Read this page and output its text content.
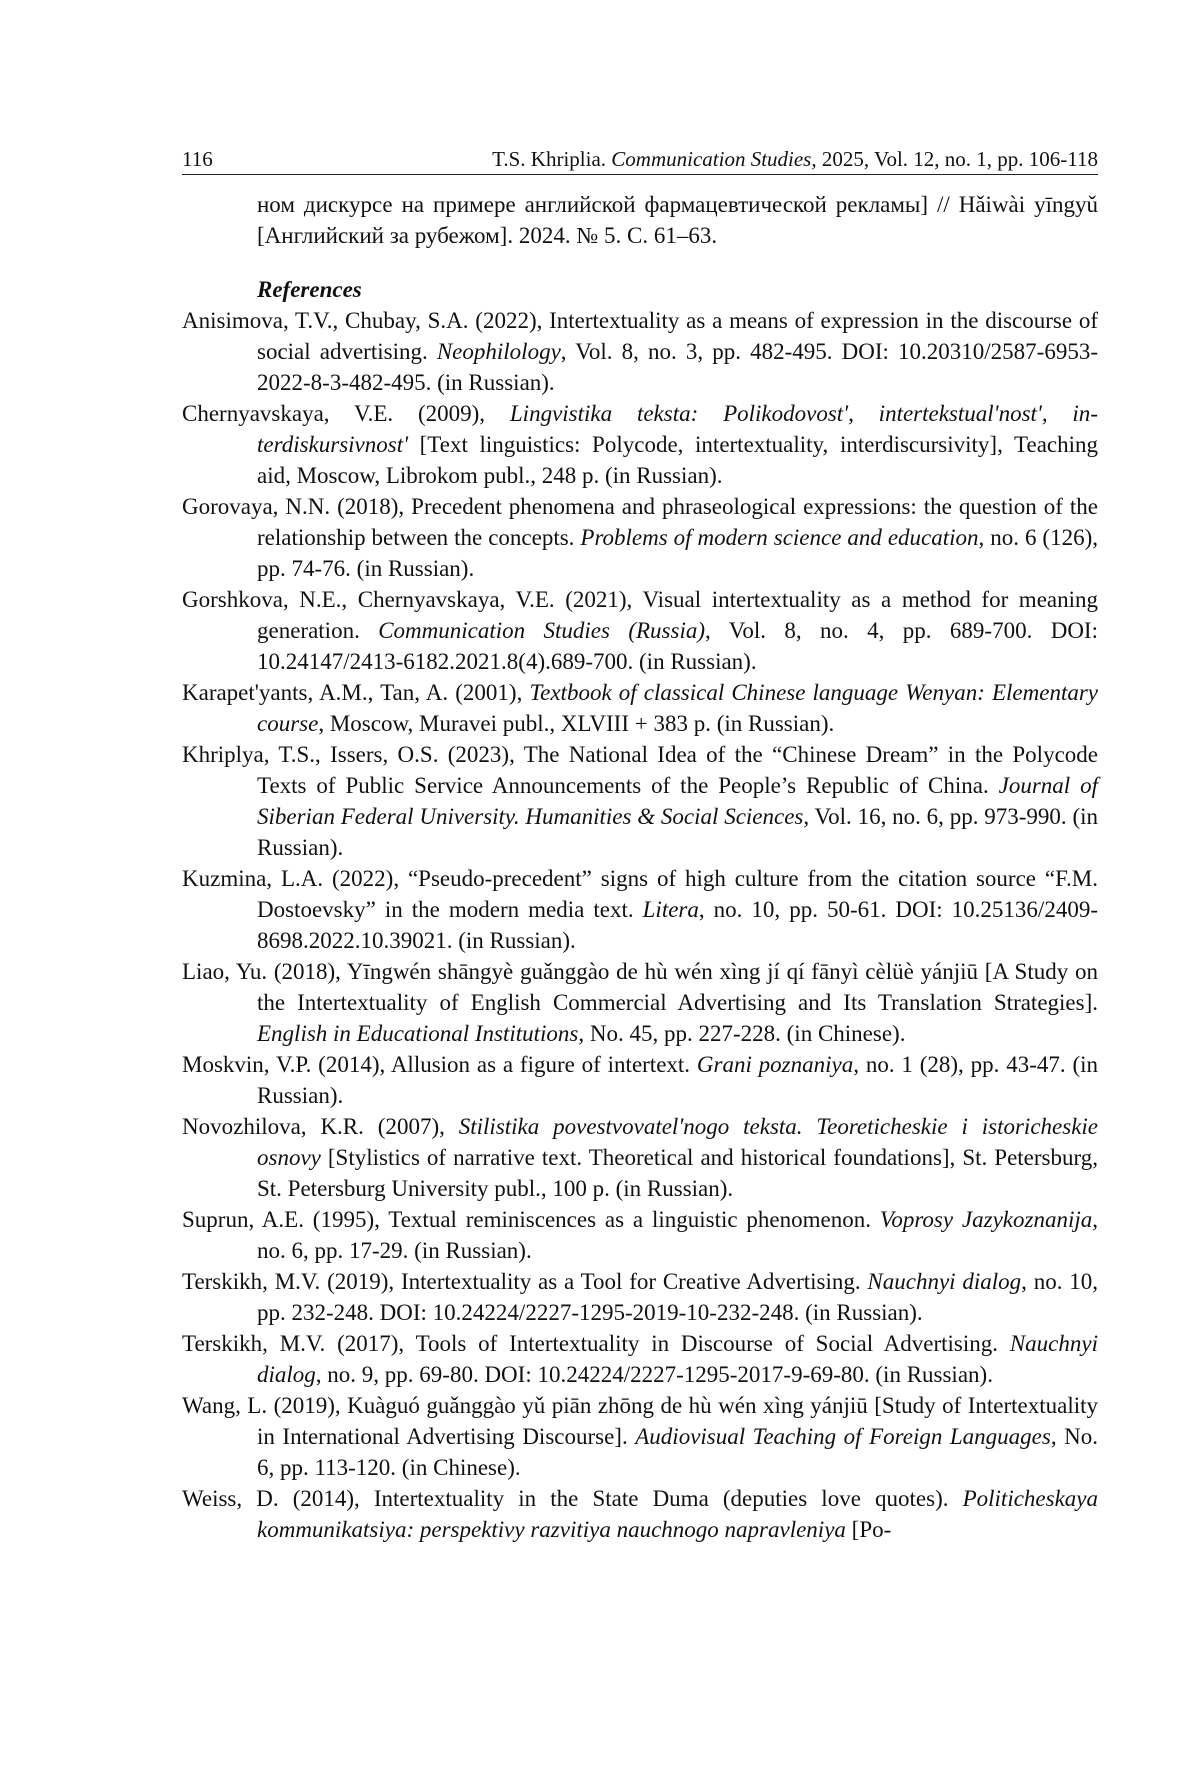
116	T.S. Khriplia. Communication Studies, 2025, Vol. 12, no. 1, pp. 106-118

ном дискурсе на примере английской фармацевтической рекламы] // Hǎiwài yīngyǔ [Английский за рубежом]. 2024. № 5. С. 61–63.

References

Anisimova, T.V., Chubay, S.A. (2022), Intertextuality as a means of expression in the discourse of social advertising. Neophilology, Vol. 8, no. 3, pp. 482-495. DOI: 10.20310/2587-6953-2022-8-3-482-495. (in Russian).

Chernyavskaya, V.E. (2009), Lingvistika teksta: Polikodovost', intertekstual'nost', interdiskursivnost' [Text linguistics: Polycode, intertextuality, interdiscursivity], Teaching aid, Moscow, Librokom publ., 248 p. (in Russian).

Gorovaya, N.N. (2018), Precedent phenomena and phraseological expressions: the question of the relationship between the concepts. Problems of modern science and education, no. 6 (126), pp. 74-76. (in Russian).

Gorshkova, N.E., Chernyavskaya, V.E. (2021), Visual intertextuality as a method for meaning generation. Communication Studies (Russia), Vol. 8, no. 4, pp. 689-700. DOI: 10.24147/2413-6182.2021.8(4).689-700. (in Russian).

Karapet'yants, A.M., Tan, A. (2001), Textbook of classical Chinese language Wenyan: Elementary course, Moscow, Muravei publ., XLVIII + 383 p. (in Russian).

Khriplya, T.S., Issers, O.S. (2023), The National Idea of the “Chinese Dream” in the Polycode Texts of Public Service Announcements of the People’s Republic of China. Journal of Siberian Federal University. Humanities & Social Sciences, Vol. 16, no. 6, pp. 973-990. (in Russian).

Kuzmina, L.A. (2022), “Pseudo-precedent” signs of high culture from the citation source “F.M. Dostoevsky” in the modern media text. Litera, no. 10, pp. 50-61. DOI: 10.25136/2409-8698.2022.10.39021. (in Russian).

Liao, Yu. (2018), Yīngwén shāngyè guǎnggào de hù wén xìng jí qí fānyì cèlüè yánjiū [A Study on the Intertextuality of English Commercial Advertising and Its Translation Strategies]. English in Educational Institutions, No. 45, pp. 227-228. (in Chinese).

Moskvin, V.P. (2014), Allusion as a figure of intertext. Grani poznaniya, no. 1 (28), pp. 43-47. (in Russian).

Novozhilova, K.R. (2007), Stilistika povestvovatel'nogo teksta. Teoreticheskie i istoricheskie osnovy [Stylistics of narrative text. Theoretical and historical foundations], St. Petersburg, St. Petersburg University publ., 100 p. (in Russian).

Suprun, A.E. (1995), Textual reminiscences as a linguistic phenomenon. Voprosy Jazykoznanija, no. 6, pp. 17-29. (in Russian).

Terskikh, M.V. (2019), Intertextuality as a Tool for Creative Advertising. Nauchnyi dialog, no. 10, pp. 232-248. DOI: 10.24224/2227-1295-2019-10-232-248. (in Russian).

Terskikh, M.V. (2017), Tools of Intertextuality in Discourse of Social Advertising. Nauchnyi dialog, no. 9, pp. 69-80. DOI: 10.24224/2227-1295-2017-9-69-80. (in Russian).

Wang, L. (2019), Kuàguó guǎnggào yǔ piān zhōng de hù wén xìng yánjiū [Study of Intertextuality in International Advertising Discourse]. Audiovisual Teaching of Foreign Languages, No. 6, pp. 113-120. (in Chinese).

Weiss, D. (2014), Intertextuality in the State Duma (deputies love quotes). Politicheskaya kommunikatsiya: perspektivy razvitiya nauchnogo napravleniya [Po-
